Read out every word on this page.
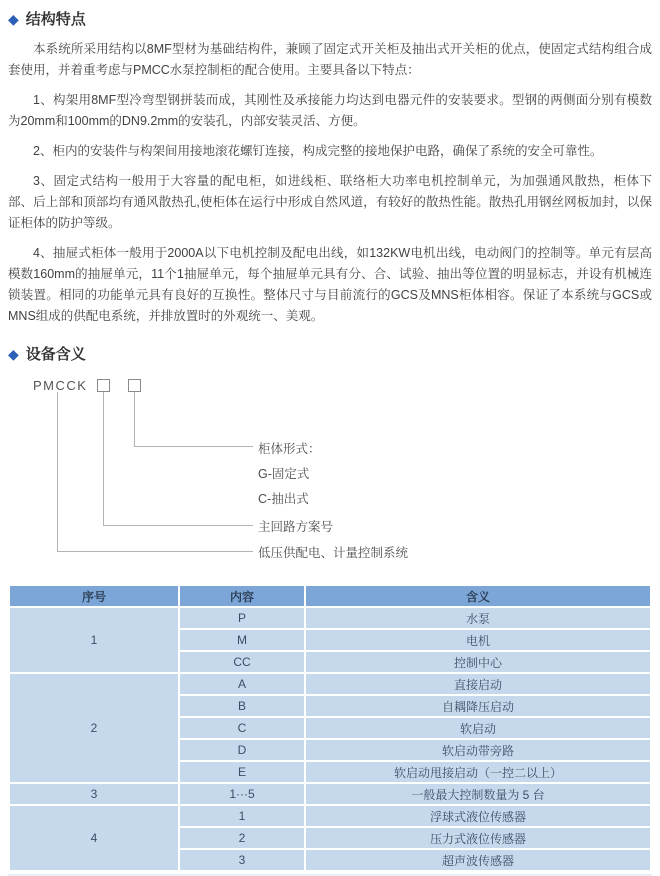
◆ 结构特点

本系统所采用结构以8MF型材为基础结构件，兼顾了固定式开关柜及抽出式开关柜的优点，使固定式结构组合成套使用，并着重考虑与PMCC水泵控制柜的配合使用。主要具备以下特点：

1、构架用8MF型冷弯型钢拼装而成，其刚性及承接能力均达到电器元件的安装要求。型钢的两侧面分别有模数为20mm和100mm的DN9.2mm的安装孔，内部安装灵活、方便。

2、柜内的安装件与构架间用接地滚花螺钉连接，构成完整的接地保护电路，确保了系统的安全可靠性。

3、固定式结构一般用于大容量的配电柜，如进线柜、联络柜大功率电机控制单元，为加强通风散热，柜体下部、后上部和顶部均有通风散热孔,使柜体在运行中形成自然风道，有较好的散热性能。散热孔用钢丝网板加封，以保证柜体的防护等级。

4、抽屉式柜体一般用于2000A以下电机控制及配电出线，如132KW电机出线，电动阀门的控制等。单元有层高模数160mm的抽屉单元，11个1抽屉单元，每个抽屉单元具有分、合、试验、抽出等位置的明显标志，并设有机械连锁装置。相同的功能单元具有良好的互换性。整体尺寸与目前流行的GCS及MNS柜体相容。保证了本系统与GCS或MNS组成的供配电系统，并排放置时的外观统一、美观。

◆ 设备含义
PMCCK
柜体形式：
G-固定式
C-抽出式
主回路方案号
低压供配电、计量控制系统
序号	内容	含义
1	P	水泵
	M	电机
	CC	控制中心
2	A	直接启动
	B	自耦降压启动
	C	软启动
	D	软启动带旁路
	E	软启动甩接启动（一控二以上）
3	1···5	一般最大控制数量为 5 台
4	1	浮球式液位传感器
	2	压力式液位传感器
	3	超声波传感器
